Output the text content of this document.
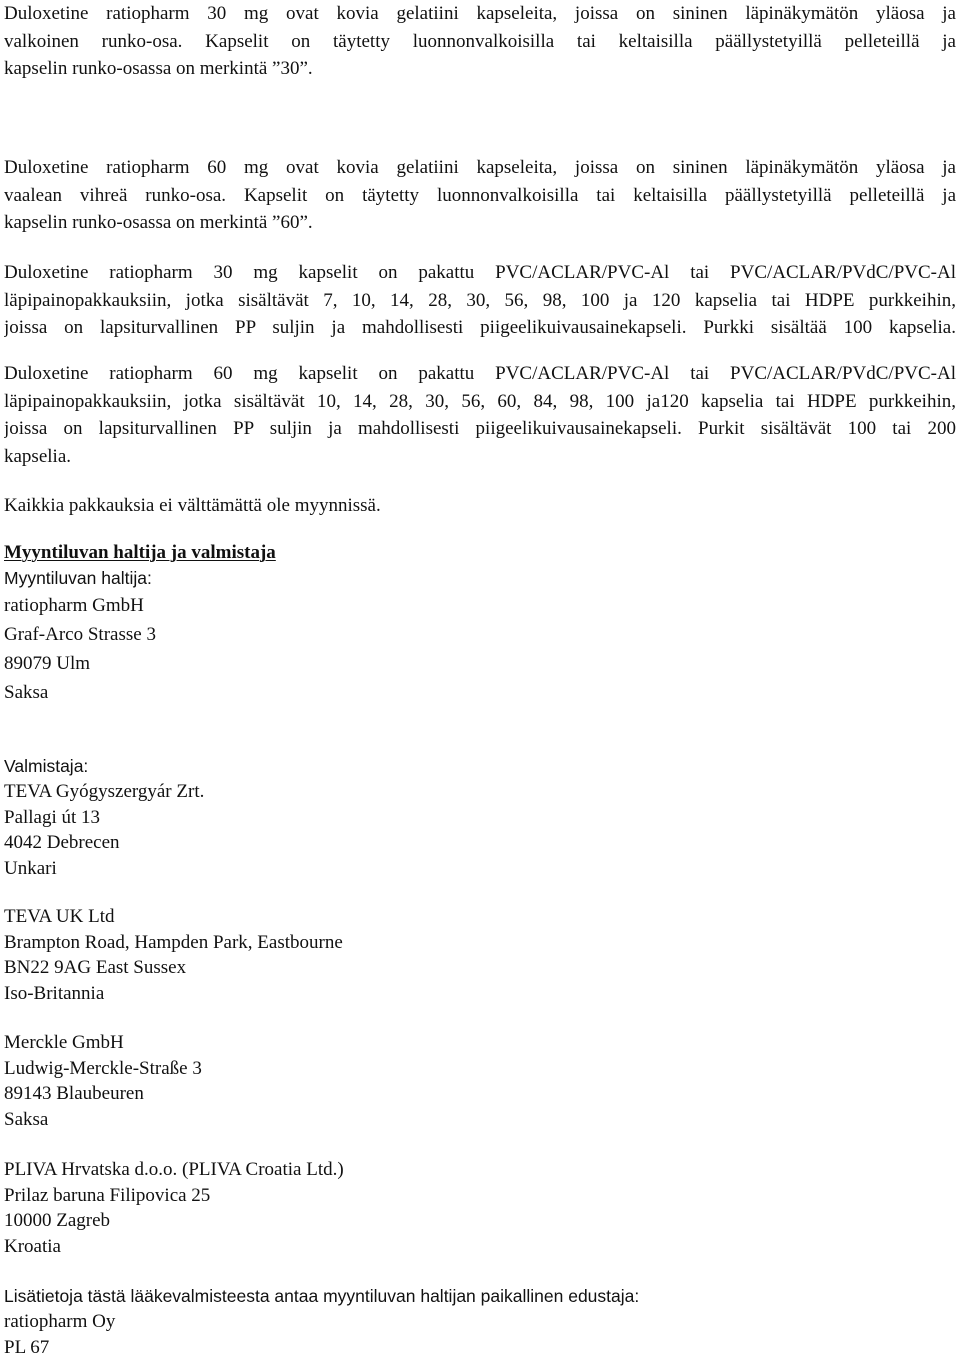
Duloxetine ratiopharm 30 mg ovat kovia gelatiini kapseleita, joissa on sininen läpinäkymätön yläosa ja
valkoinen runko-osa. Kapselit on täytetty luonnonvalkoisilla tai keltaisilla päällystetyillä pelleteillä ja
kapselin runko-osassa on merkintä ”30”.
Duloxetine ratiopharm 60 mg ovat kovia gelatiini kapseleita, joissa on sininen läpinäkymätön yläosa ja
vaalean vihreä runko-osa. Kapselit on täytetty luonnonvalkoisilla tai keltaisilla päällystetyillä pelleteillä ja
kapselin runko-osassa on merkintä ”60”.
Duloxetine ratiopharm 30 mg kapselit on pakattu PVC/ACLAR/PVC-Al tai PVC/ACLAR/PVdC/PVC-Al
läpipainopakkauksiin, jotka sisältävät 7, 10, 14, 28, 30, 56, 98, 100 ja 120 kapselia tai HDPE purkkeihin,
joissa on lapsiturvallinen PP suljin ja mahdollisesti piigeelikuivausainekapseli. Purkki sisältää 100 kapselia.
Duloxetine ratiopharm 60 mg kapselit on pakattu PVC/ACLAR/PVC-Al tai PVC/ACLAR/PVdC/PVC-Al
läpipainopakkauksiin, jotka sisältävät 10, 14, 28, 30, 56, 60, 84, 98, 100 ja120 kapselia tai HDPE purkkeihin,
joissa on lapsiturvallinen PP suljin ja mahdollisesti piigeelikuivausainekapseli. Purkit sisältävät 100 tai 200
kapselia.
Kaikkia pakkauksia ei välttämättä ole myynnissä.
Myyntiluvan haltija ja valmistaja
Myyntiluvan haltija:
ratiopharm GmbH
Graf-Arco Strasse 3
89079 Ulm
Saksa
Valmistaja:
TEVA Gyógyszergyár Zrt.
Pallagi út 13
4042 Debrecen
Unkari
TEVA UK Ltd
Brampton Road, Hampden Park, Eastbourne
BN22 9AG East Sussex
Iso-Britannia
Merckle GmbH
Ludwig-Merckle-Straße 3
89143 Blaubeuren
Saksa
PLIVA Hrvatska d.o.o. (PLIVA Croatia Ltd.)
Prilaz baruna Filipovica 25
10000 Zagreb
Kroatia
Lisätietoja tästä lääkevalmisteesta antaa myyntiluvan haltijan paikallinen edustaja:
ratiopharm Oy
PL 67
